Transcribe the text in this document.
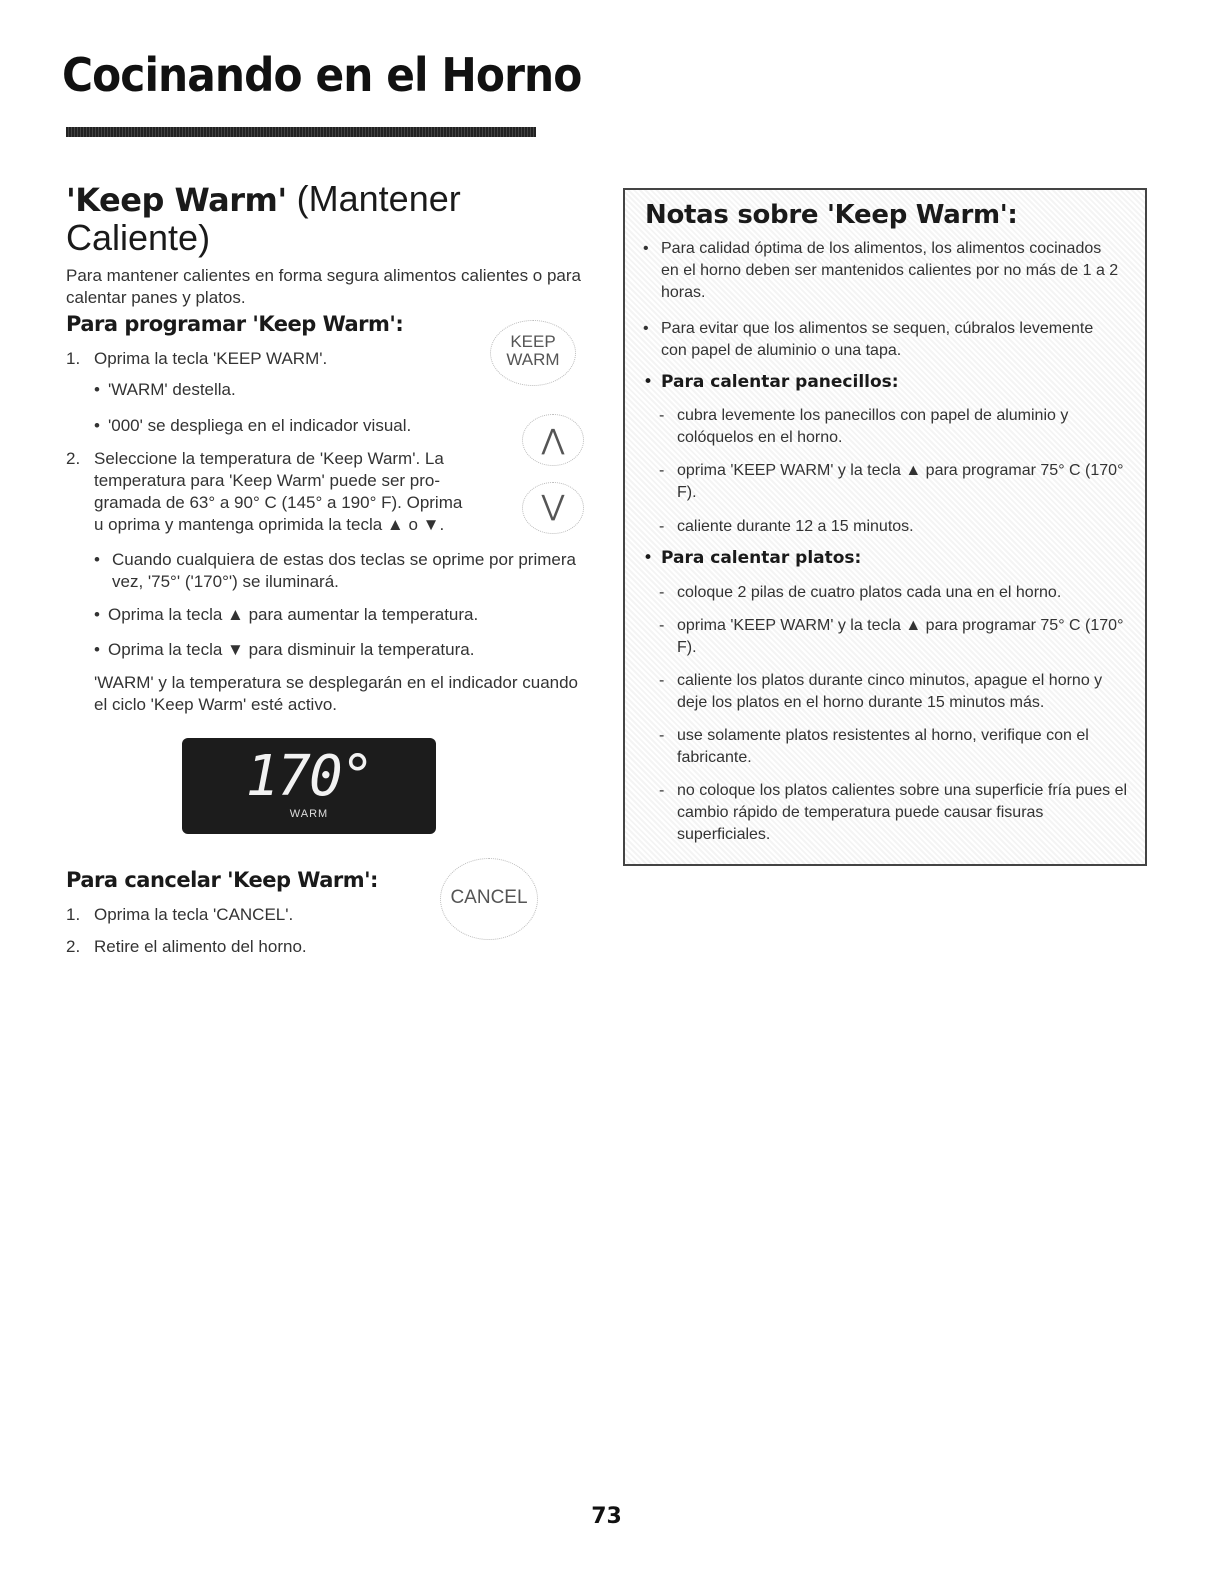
Cocinando en el Horno
'Keep Warm' (Mantener Caliente)

Para mantener calientes en forma segura alimentos calientes o para calentar panes y platos.

Para programar 'Keep Warm':
1. Oprima la tecla 'KEEP WARM'.
• 'WARM' destella.
• '000' se despliega en el indicador visual.
2. Seleccione la temperatura de 'Keep Warm'. La temperatura para 'Keep Warm' puede ser pro-gramada de 63° a 90° C (145° a 190° F). Oprima u oprima y mantenga oprimida la tecla ▲ o ▼.
• Cuando cualquiera de estas dos teclas se oprime por primera vez, '75°' ('170°') se iluminará.
• Oprima la tecla ▲ para aumentar la temperatura.
• Oprima la tecla ▼ para disminuir la temperatura.
'WARM' y la temperatura se desplegarán en el indicador cuando el ciclo 'Keep Warm' esté activo.
KEEP
WARM
⋀
⋁
170°
WARM
Para cancelar 'Keep Warm':
1. Oprima la tecla 'CANCEL'.
2. Retire el alimento del horno.
CANCEL
Notas sobre 'Keep Warm':
• Para calidad óptima de los alimentos, los alimentos cocinados en el horno deben ser mantenidos calientes por no más de 1 a 2 horas.
• Para evitar que los alimentos se sequen, cúbralos levemente con papel de aluminio o una tapa.
• Para calentar panecillos:
- cubra levemente los panecillos con papel de aluminio y colóquelos en el horno.
- oprima 'KEEP WARM' y la tecla ▲ para programar 75° C (170° F).
- caliente durante 12 a 15 minutos.
• Para calentar platos:
- coloque 2 pilas de cuatro platos cada una en el horno.
- oprima 'KEEP WARM' y la tecla ▲ para programar 75° C (170° F).
- caliente los platos durante cinco minutos, apague el horno y deje los platos en el horno durante 15 minutos más.
- use solamente platos resistentes al horno, verifique con el fabricante.
- no coloque los platos calientes sobre una superficie fría pues el cambio rápido de temperatura puede causar fisuras superficiales.
73
